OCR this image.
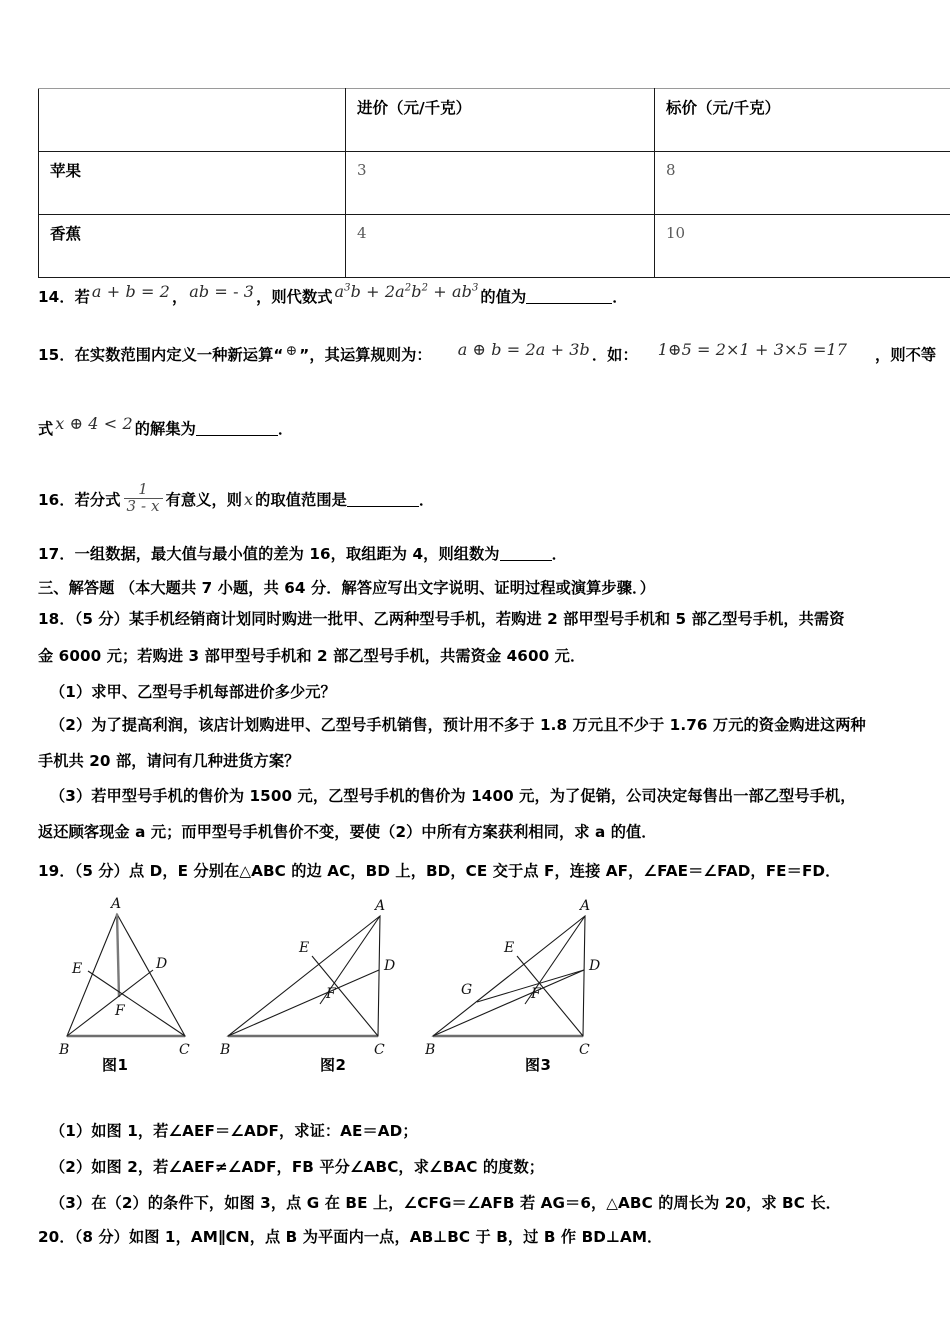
	进价（元/千克）	标价（元/千克）
苹果	3	8
香蕉	4	10
14．若 a + b = 2 ， ab = - 3 ，则代数式 $a^3b + 2a^2b^2 + ab^3$ 的值为	．
15．在实数范围内定义一种新运算“ ⊕ ”，其运算规则为： a ⊕ b = 2a + 3b ．如： 1⊕5 = 2×1 + 3×5 =17 ，则不等
式 x ⊕ 4 < 2 的解集为	．
16．若分式 $\frac{1}{3 - x}$ 有意义，则 x 的取值范围是	．
17．一组数据，最大值与最小值的差为 16，取组距为 4，则组数为	．
三、解答题 （本大题共 7 小题，共 64 分．解答应写出文字说明、证明过程或演算步骤．）
18．（5 分）某手机经销商计划同时购进一批甲、乙两种型号手机，若购进 2 部甲型号手机和 5 部乙型号手机，共需资
金 6000 元；若购进 3 部甲型号手机和 2 部乙型号手机，共需资金 4600 元．
（1）求甲、乙型号手机每部进价多少元？
（2）为了提高利润，该店计划购进甲、乙型号手机销售，预计用不多于 1.8 万元且不少于 1.76 万元的资金购进这两种
手机共 20 部，请问有几种进货方案？
（3）若甲型号手机的售价为 1500 元，乙型号手机的售价为 1400 元，为了促销，公司决定每售出一部乙型号手机，
返还顾客现金 a 元；而甲型号手机售价不变，要使（2）中所有方案获利相同，求 a 的值．
19．（5 分）点 D，E 分别在△ABC 的边 AC，BD 上，BD，CE 交于点 F，连接 AF，∠FAE＝∠FAD，FE＝FD．
A
E	D
F
B	C
图1
A
E
D
F
B	C
图2
A
E
D
G	F
B	C
图3
（1）如图 1，若∠AEF＝∠ADF，求证：AE＝AD；
（2）如图 2，若∠AEF≠∠ADF，FB 平分∠ABC，求∠BAC 的度数；
（3）在（2）的条件下，如图 3，点 G 在 BE 上，∠CFG＝∠AFB 若 AG＝6，△ABC 的周长为 20，求 BC 长．
20．（8 分）如图 1，AM∥CN，点 B 为平面内一点，AB⊥BC 于 B，过 B 作 BD⊥AM．
